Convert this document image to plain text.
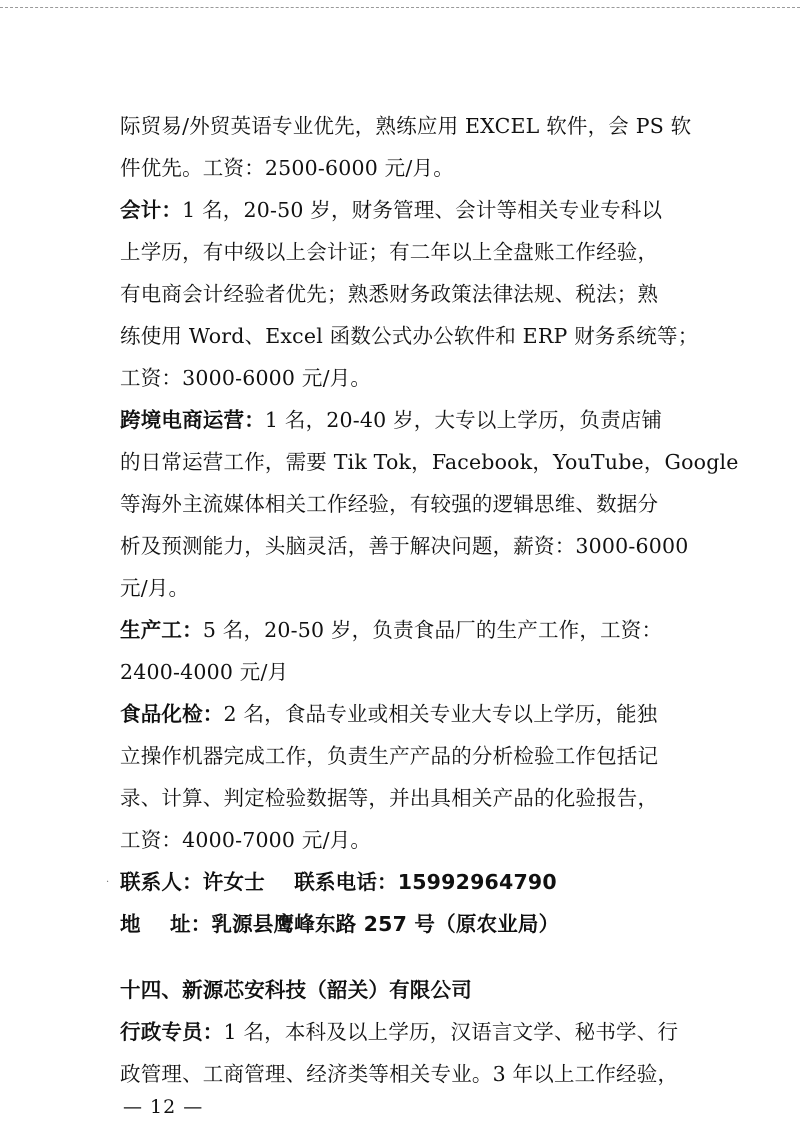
际贸易/外贸英语专业优先，熟练应用 EXCEL 软件，会 PS 软

件优先。工资：2500-6000 元/月。

会计：1 名，20-50 岁，财务管理、会计等相关专业专科以

上学历，有中级以上会计证；有二年以上全盘账工作经验，

有电商会计经验者优先；熟悉财务政策法律法规、税法；熟

练使用 Word、Excel 函数公式办公软件和 ERP 财务系统等；

工资：3000-6000 元/月。

跨境电商运营：1 名，20-40 岁，大专以上学历，负责店铺

的日常运营工作，需要 Tik Tok，Facebook，YouTube，Google

等海外主流媒体相关工作经验，有较强的逻辑思维、数据分

析及预测能力，头脑灵活，善于解决问题，薪资：3000-6000

元/月。

生产工：5 名，20-50 岁，负责食品厂的生产工作，工资：

2400-4000 元/月

食品化检：2 名，食品专业或相关专业大专以上学历，能独

立操作机器完成工作，负责生产产品的分析检验工作包括记

录、计算、判定检验数据等，并出具相关产品的化验报告，

工资：4000-7000 元/月。

联系人：许女士    联系电话：15992964790

地    址：乳源县鹰峰东路 257 号（原农业局）

·

十四、新源芯安科技（韶关）有限公司

行政专员：1 名，本科及以上学历，汉语言文学、秘书学、行

政管理、工商管理、经济类等相关专业。3 年以上工作经验，

— 12 —
